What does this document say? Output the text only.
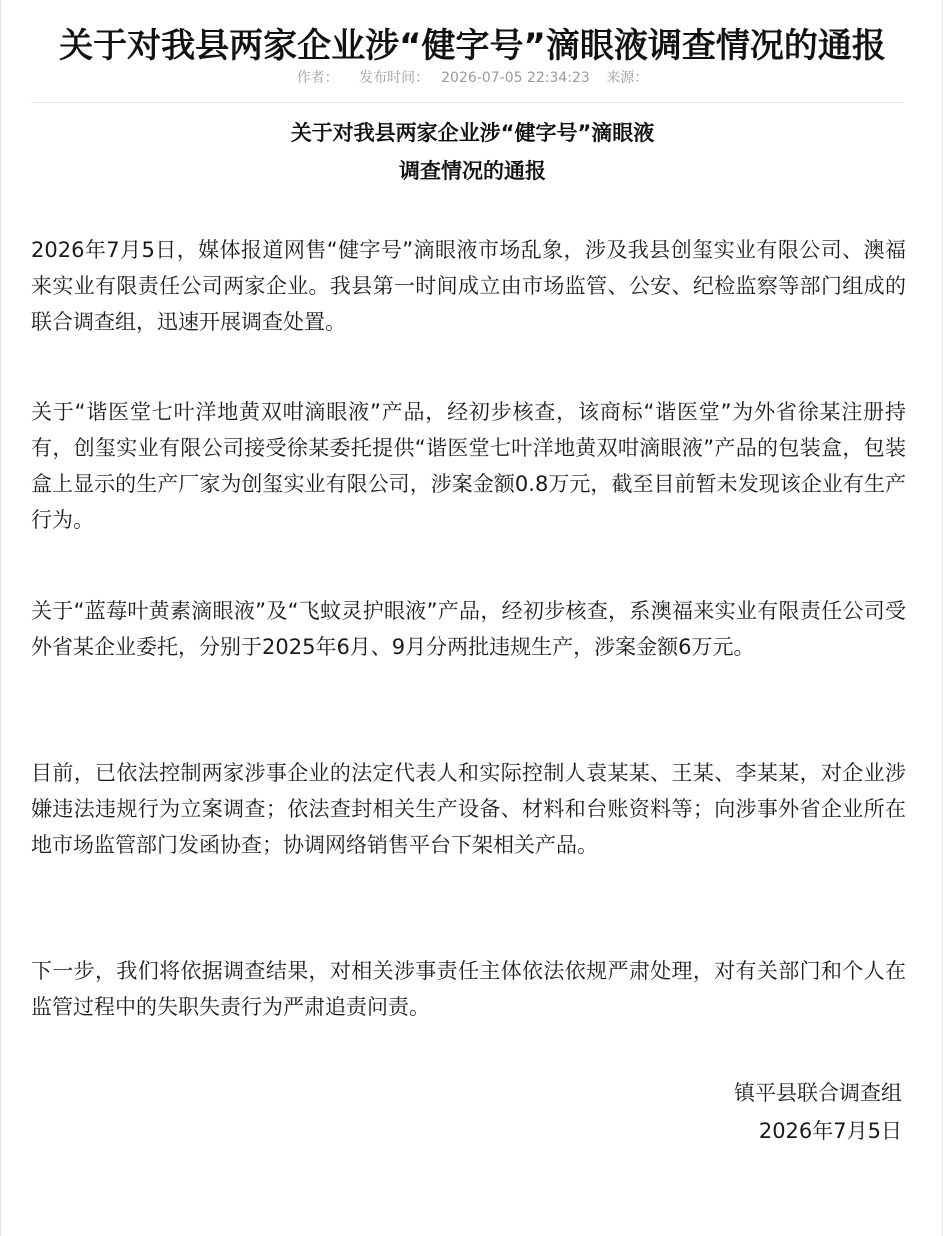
关于对我县两家企业涉“健字号”滴眼液调查情况的通报
作者： 发布时间： 2026-07-05 22:34:23 来源：
关于对我县两家企业涉“健字号”滴眼液
调查情况的通报
2026年7月5日，媒体报道网售“健字号”滴眼液市场乱象，涉及我县创玺实业有限公司、澳福来实业有限责任公司两家企业。我县第一时间成立由市场监管、公安、纪检监察等部门组成的联合调查组，迅速开展调查处置。
关于“谐医堂七叶洋地黄双咁滴眼液”产品，经初步核查，该商标“谐医堂”为外省徐某注册持有，创玺实业有限公司接受徐某委托提供“谐医堂七叶洋地黄双咁滴眼液”产品的包装盒，包装盒上显示的生产厂家为创玺实业有限公司，涉案金额0.8万元，截至目前暂未发现该企业有生产行为。
关于“蓝莓叶黄素滴眼液”及“飞蚊灵护眼液”产品，经初步核查，系澳福来实业有限责任公司受外省某企业委托，分别于2025年6月、9月分两批违规生产，涉案金额6万元。
目前，已依法控制两家涉事企业的法定代表人和实际控制人袁某某、王某、李某某，对企业涉嫌违法违规行为立案调查；依法查封相关生产设备、材料和台账资料等；向涉事外省企业所在地市场监管部门发函协查；协调网络销售平台下架相关产品。
下一步，我们将依据调查结果，对相关涉事责任主体依法依规严肃处理，对有关部门和个人在监管过程中的失职失责行为严肃追责问责。
镇平县联合调查组
2026年7月5日
